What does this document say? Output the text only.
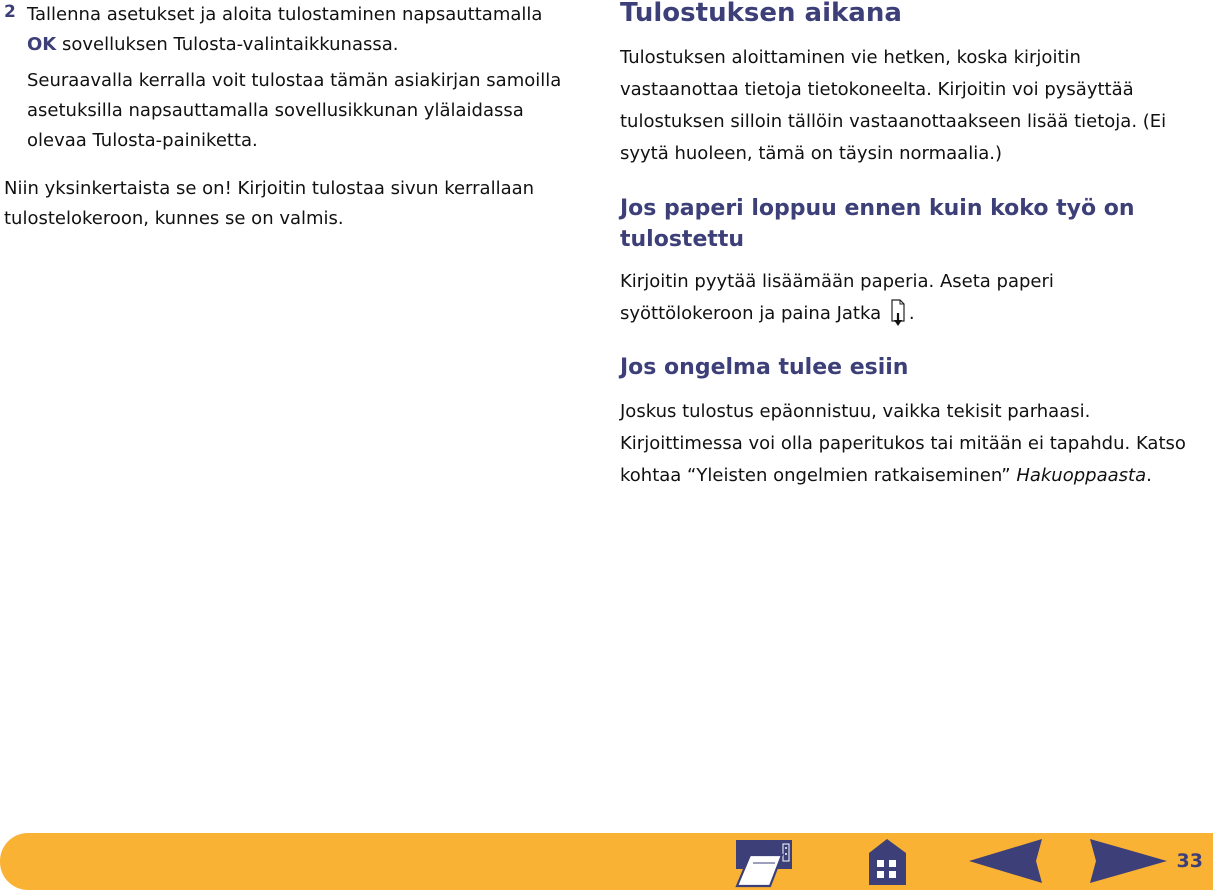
2 Tallenna asetukset ja aloita tulostaminen napsauttamalla
OK sovelluksen Tulosta-valintaikkunassa.
Seuraavalla kerralla voit tulostaa tämän asiakirjan samoilla asetuksilla napsauttamalla sovellusikkunan ylälaidassa olevaa Tulosta-painiketta.
Niin yksinkertaista se on! Kirjoitin tulostaa sivun kerrallaan tulostelokeroon, kunnes se on valmis.
Tulostuksen aikana
Tulostuksen aloittaminen vie hetken, koska kirjoitin vastaanottaa tietoja tietokoneelta. Kirjoitin voi pysäyttää tulostuksen silloin tällöin vastaanottaakseen lisää tietoja. (Ei syytä huoleen, tämä on täysin normaalia.)
Jos paperi loppuu ennen kuin koko työ on tulostettu
Kirjoitin pyytää lisäämään paperia. Aseta paperi syöttölokeroon ja paina Jatka .
Jos ongelma tulee esiin
Joskus tulostus epäonnistuu, vaikka tekisit parhaasi. Kirjoittimessa voi olla paperitukos tai mitään ei tapahdu. Katso kohtaa “Yleisten ongelmien ratkaiseminen” Hakuoppaasta.
33
